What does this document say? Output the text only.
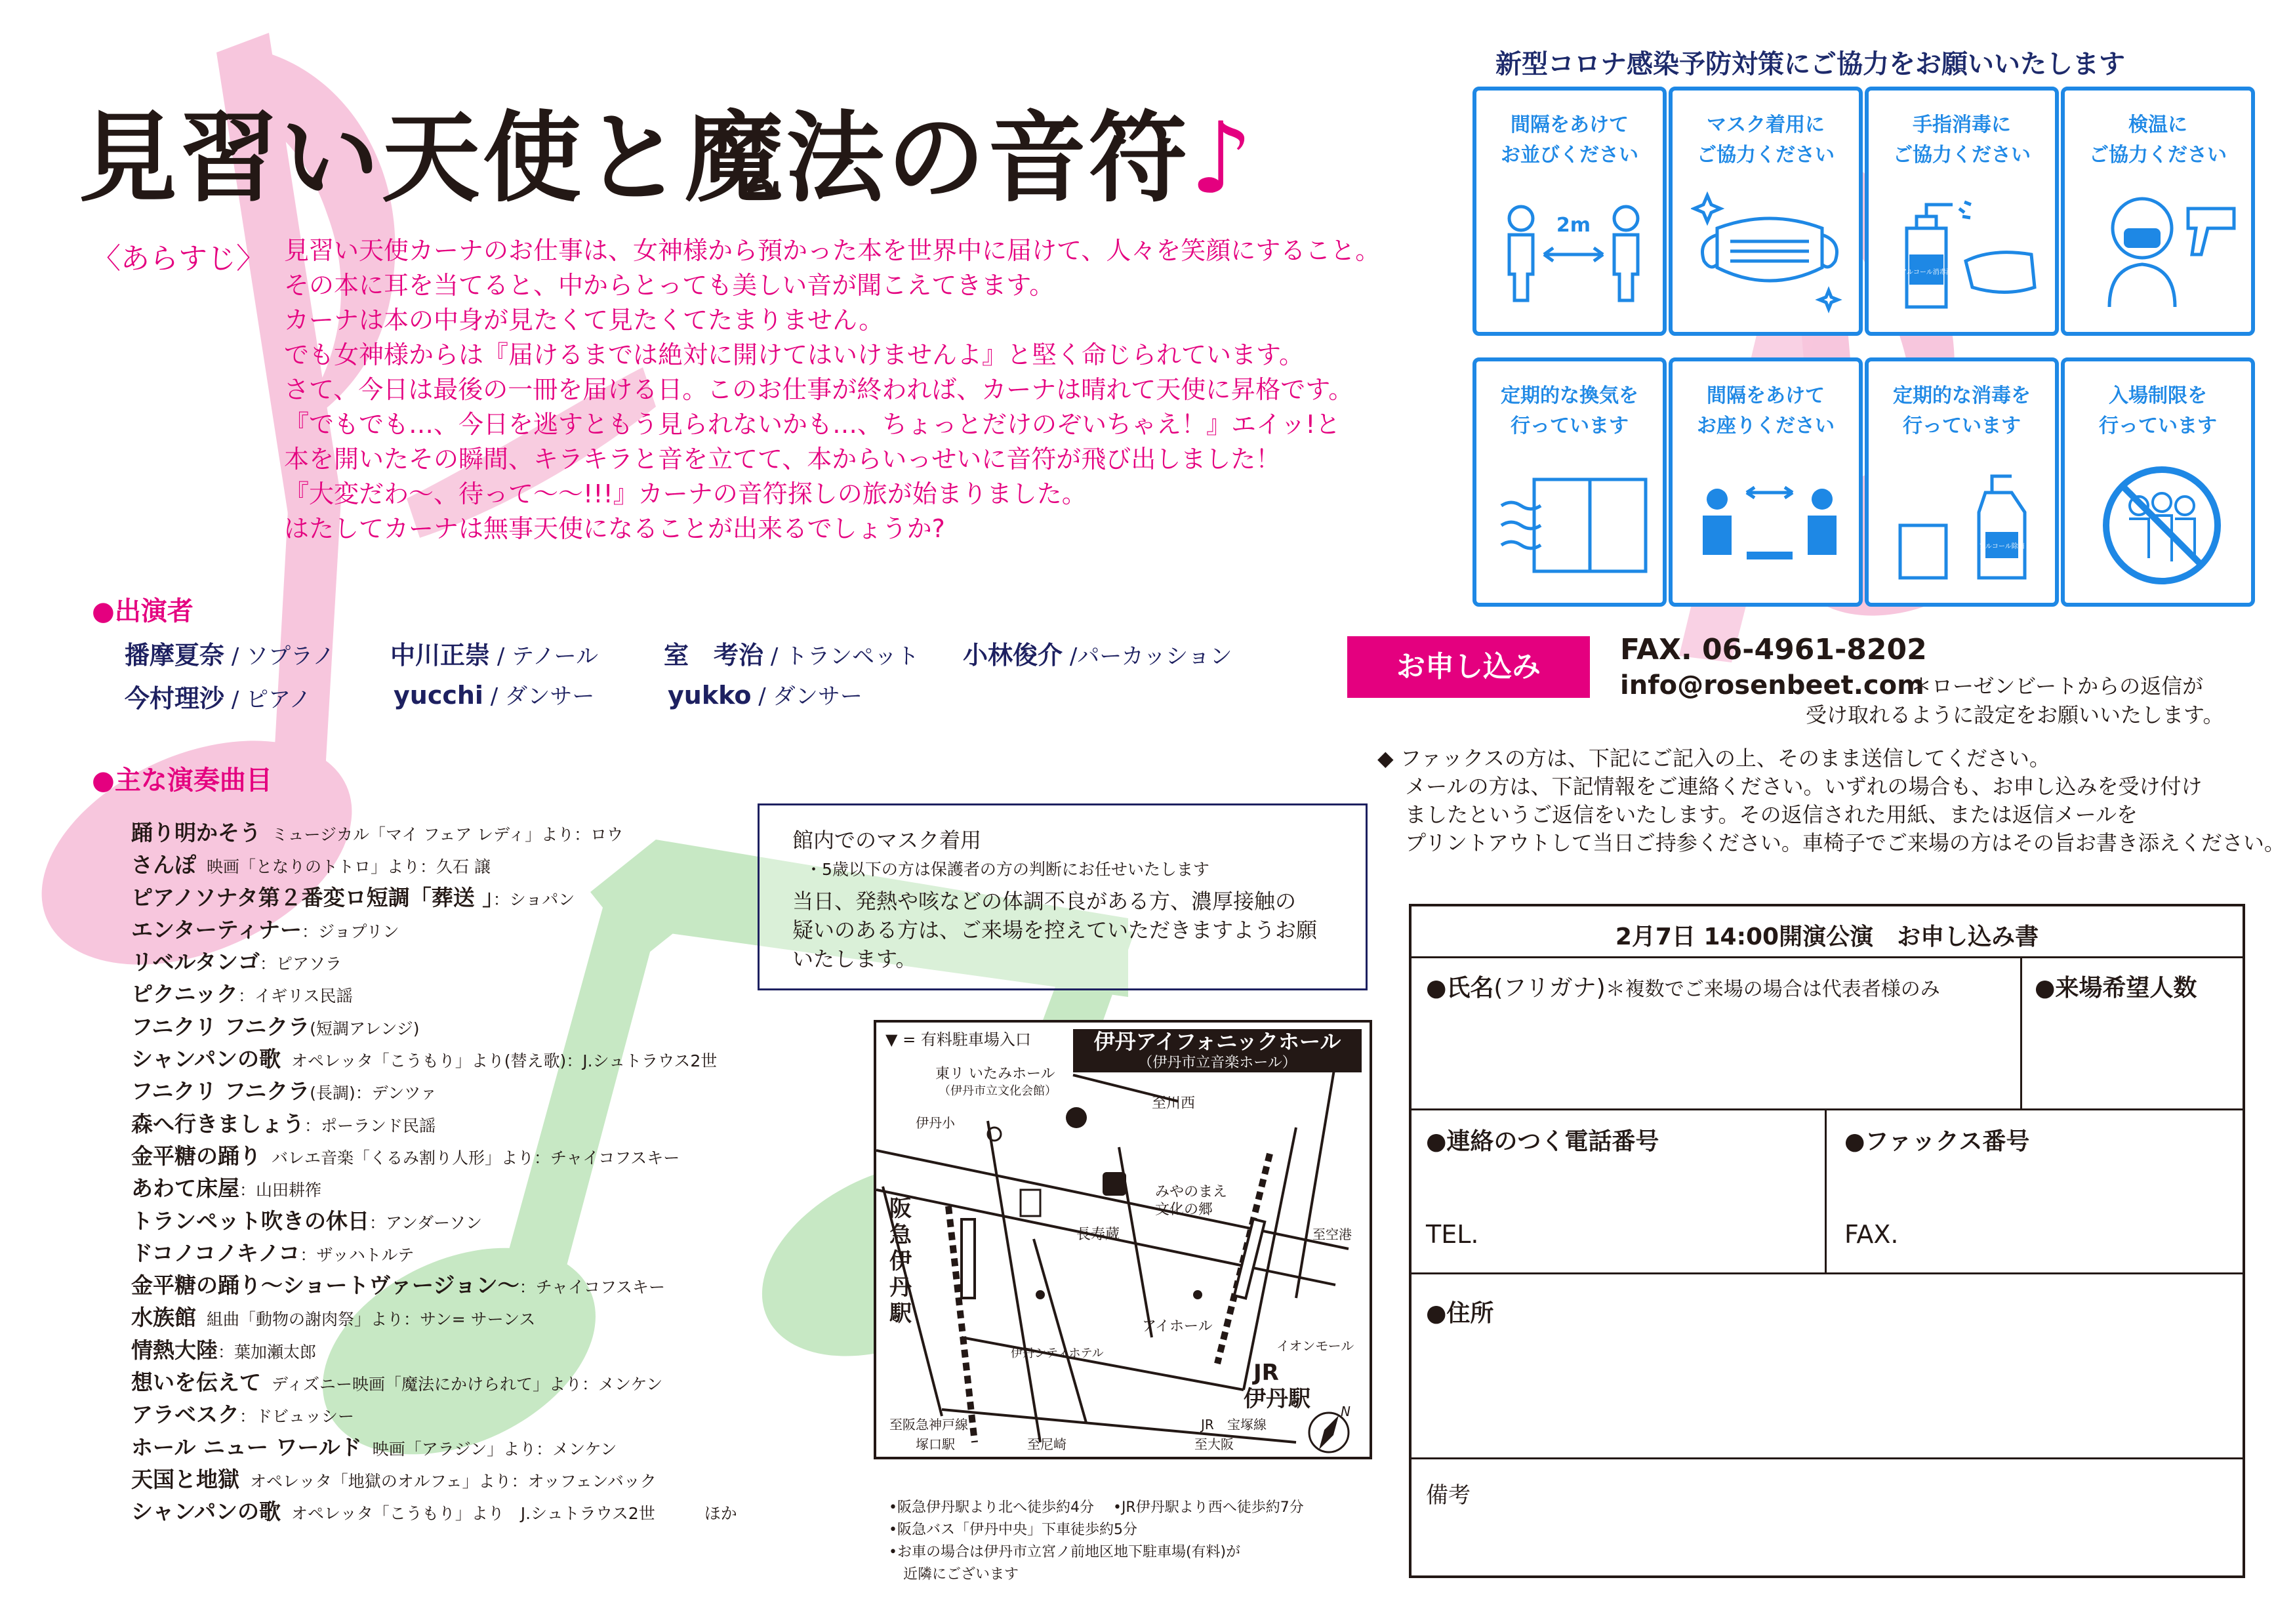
見習い天使と魔法の音符♪
〈あらすじ〉 見習い天使カーナのお仕事は、女神様から預かった本を世界中に届けて、人々を笑顔にすること。
その本に耳を当てると、中からとっても美しい音が聞こえてきます。
カーナは本の中身が見たくて見たくてたまりません。
でも女神様からは『届けるまでは絶対に開けてはいけませんよ』と堅く命じられています。
さて、今日は最後の一冊を届ける日。このお仕事が終われば、カーナは晴れて天使に昇格です。
『でもでも…、今日を逃すともう見られないかも…、ちょっとだけのぞいちゃえ！』エイッ!と
本を開いたその瞬間、キラキラと音を立てて、本からいっせいに音符が飛び出しました！
『大変だわ〜、待って〜〜!!!』カーナの音符探しの旅が始まりました。
はたしてカーナは無事天使になることが出来るでしょうか?
●出演者
播摩夏奈 / ソプラノ 中川正崇 / テノール	室　考治 / トランペット 小林俊介 /パーカッション
今村理沙 / ピアノ	yucchi / ダンサー	yukko / ダンサー
●主な演奏曲目
踊り明かそう　 ミュージカル「マイ フェア レディ」より：ロウ
さんぽ　 映画「となりのトトロ」より：久石 譲
ピアノソナタ第２番変ロ短調「葬送 」：ショパン
エンターティナー：ジョプリン
リベルタンゴ：ピアソラ
ピクニック：イギリス民謡
フニクリ フニクラ(短調アレンジ)
シャンパンの歌　 オペレッタ「こうもり」より(替え歌)：J.シュトラウス2世
フニクリ フニクラ(長調)：デンツァ
森へ行きましょう：ポーランド民謡
金平糖の踊り　 バレエ音楽「くるみ割り人形」より：チャイコフスキー
あわて床屋：山田耕筰
トランペット吹きの休日：アンダーソン
ドコノコノキノコ：ザッハトルテ
金平糖の踊り〜ショートヴァージョン〜：チャイコフスキー
水族館　 組曲「動物の謝肉祭」より：サン= サーンス
情熱大陸：葉加瀬太郎
想いを伝えて　 ディズニー映画「魔法にかけられて」より：メンケン
アラベスク：ドビュッシー
ホール ニュー ワールド　 映画「アラジン」より：メンケン
天国と地獄　 オペレッタ「地獄のオルフェ」より：オッフェンバック
シャンパンの歌　 オペレッタ「こうもり」より　J.シュトラウス2世　　　ほか
新型コロナ感染予防対策にご協力をお願いいたします
間隔をあけて
お並びください
2m
マスク着用に
ご協力ください
手指消毒に
ご協力ください
アルコール消毒液
検温に
ご協力ください
定期的な換気を
行っています
間隔をあけて
お座りください
定期的な消毒を
行っています
アルコール除菌
入場制限を
行っています
お申し込み
FAX. 06-4961-8202
info@rosenbeet.com
＊ローゼンビートからの返信が
受け取れるように設定をお願いいたします。
◆ ファックスの方は、下記にご記入の上、そのまま送信してください。
　 メールの方は、下記情報をご連絡ください。いずれの場合も、お申し込みを受け付け
　 ましたというご返信をいたします。その返信された用紙、または返信メールを
　 プリントアウトして当日ご持参ください。車椅子でご来場の方はその旨お書き添えください。
館内でのマスク着用
・5歳以下の方は保護者の方の判断にお任せいたします
当日、発熱や咳などの体調不良がある方、濃厚接触の
疑いのある方は、ご来場を控えていただきますようお願
いたします。
▼ = 有料駐車場入口	伊丹アイフォニックホール
（伊丹市立音楽ホール）
東リ いたみホール
（伊丹市立文化会館）
伊丹小
至川西
みやのまえ
文化の郷
長寿蔵
阪急伊丹駅	アイホール
イオンモール
JR
伊丹駅
至空港
伊丹シティホテル
至阪急神戸線
塚口駅	至尼崎
JR 宝塚線
至大阪
N
•阪急伊丹駅より北へ徒歩約4分　 •JR伊丹駅より西へ徒歩約7分
•阪急バス「伊丹中央」下車徒歩約5分
•お車の場合は伊丹市立宮ノ前地区地下駐車場(有料)が
　近隣にございます
2月7日 14:00開演公演　お申し込み書
●氏名(フリガナ)＊複数でご来場の場合は代表者様のみ	●来場希望人数
●連絡のつく電話番号
TEL.
●ファックス番号
FAX.
●住所
備考
